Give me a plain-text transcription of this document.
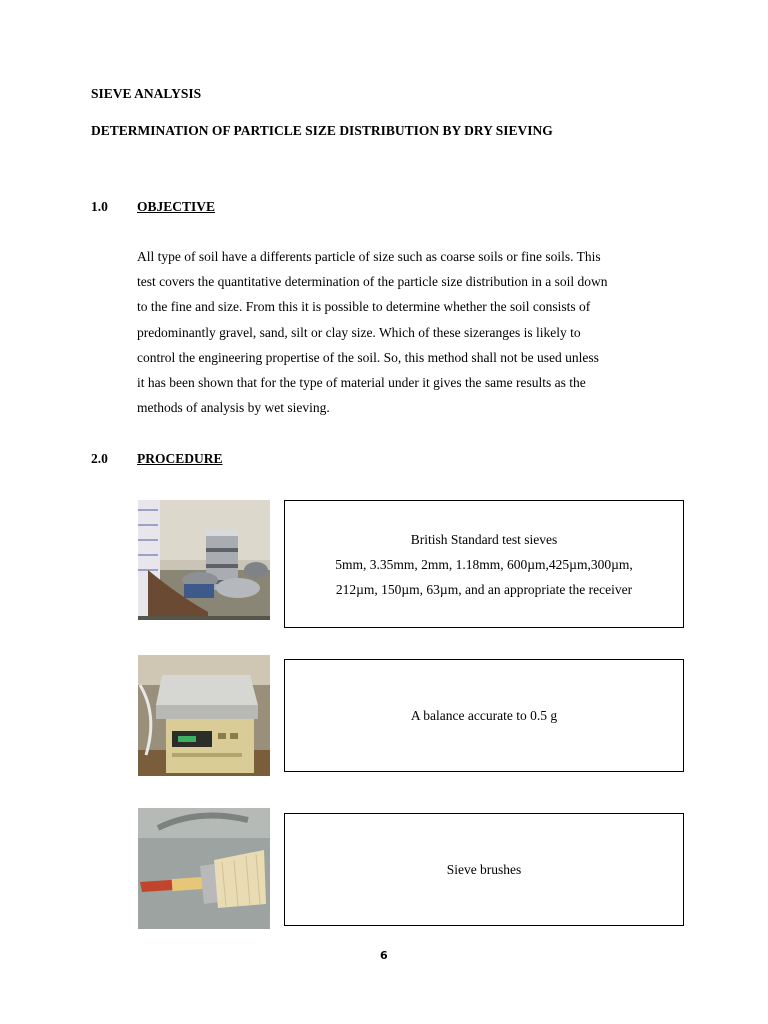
SIEVE ANALYSIS
DETERMINATION OF PARTICLE SIZE DISTRIBUTION BY DRY SIEVING
1.0 OBJECTIVE
All type of soil have a differents particle of size such as coarse soils or fine soils. This
test covers the quantitative determination of the particle size distribution in a soil down
to the fine and size. From this it is possible to determine whether the soil consists of
predominantly gravel, sand, silt or clay size. Which of these sizeranges is likely to
control the engineering propertise of the soil. So, this method shall not be used unless
it has been shown that for the type of material under it gives the same results as the
methods of analysis by wet sieving.
2.0 PROCEDURE
British Standard test sieves
5mm, 3.35mm, 2mm, 1.18mm, 600µm,425µm,300µm,
212µm, 150µm, 63µm, and an appropriate the receiver
A balance accurate to 0.5 g
Sieve brushes
6
